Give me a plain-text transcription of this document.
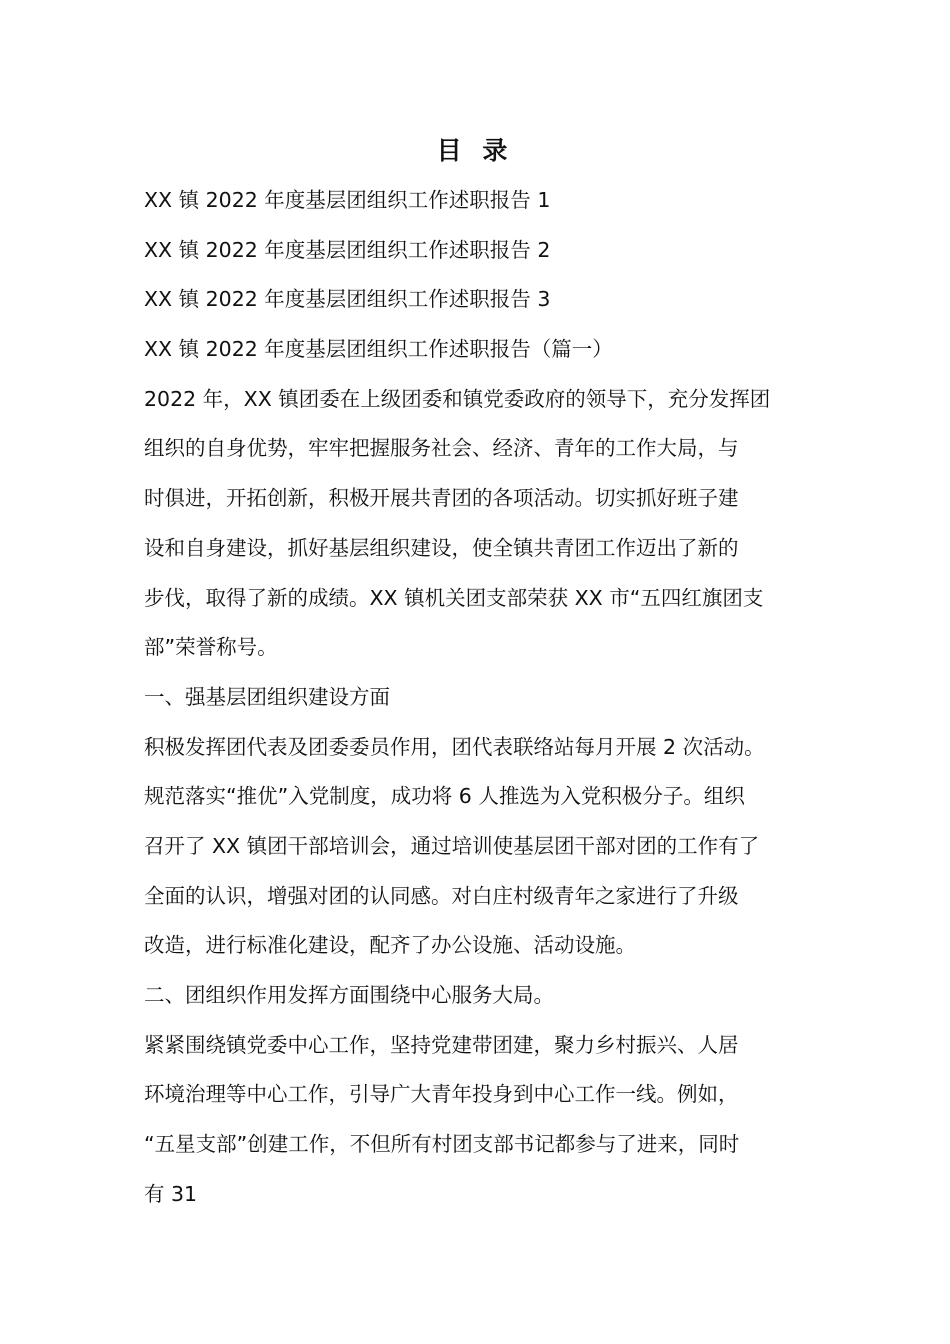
目 录
XX 镇 2022 年度基层团组织工作述职报告 1
XX 镇 2022 年度基层团组织工作述职报告 2
XX 镇 2022 年度基层团组织工作述职报告 3
XX 镇 2022 年度基层团组织工作述职报告（篇一）
2022 年，XX 镇团委在上级团委和镇党委政府的领导下，充分发挥团
组织的自身优势，牢牢把握服务社会、经济、青年的工作大局，与
时俱进，开拓创新，积极开展共青团的各项活动。切实抓好班子建
设和自身建设，抓好基层组织建设，使全镇共青团工作迈出了新的
步伐，取得了新的成绩。XX 镇机关团支部荣获 XX 市“五四红旗团支
部”荣誉称号。
一、强基层团组织建设方面
积极发挥团代表及团委委员作用，团代表联络站每月开展 2 次活动。
规范落实“推优”入党制度，成功将 6 人推选为入党积极分子。组织
召开了 XX 镇团干部培训会，通过培训使基层团干部对团的工作有了
全面的认识，增强对团的认同感。对白庄村级青年之家进行了升级
改造，进行标准化建设，配齐了办公设施、活动设施。
二、团组织作用发挥方面围绕中心服务大局。
紧紧围绕镇党委中心工作，坚持党建带团建，聚力乡村振兴、人居
环境治理等中心工作，引导广大青年投身到中心工作一线。例如，
“五星支部”创建工作，不但所有村团支部书记都参与了进来，同时
有 31
